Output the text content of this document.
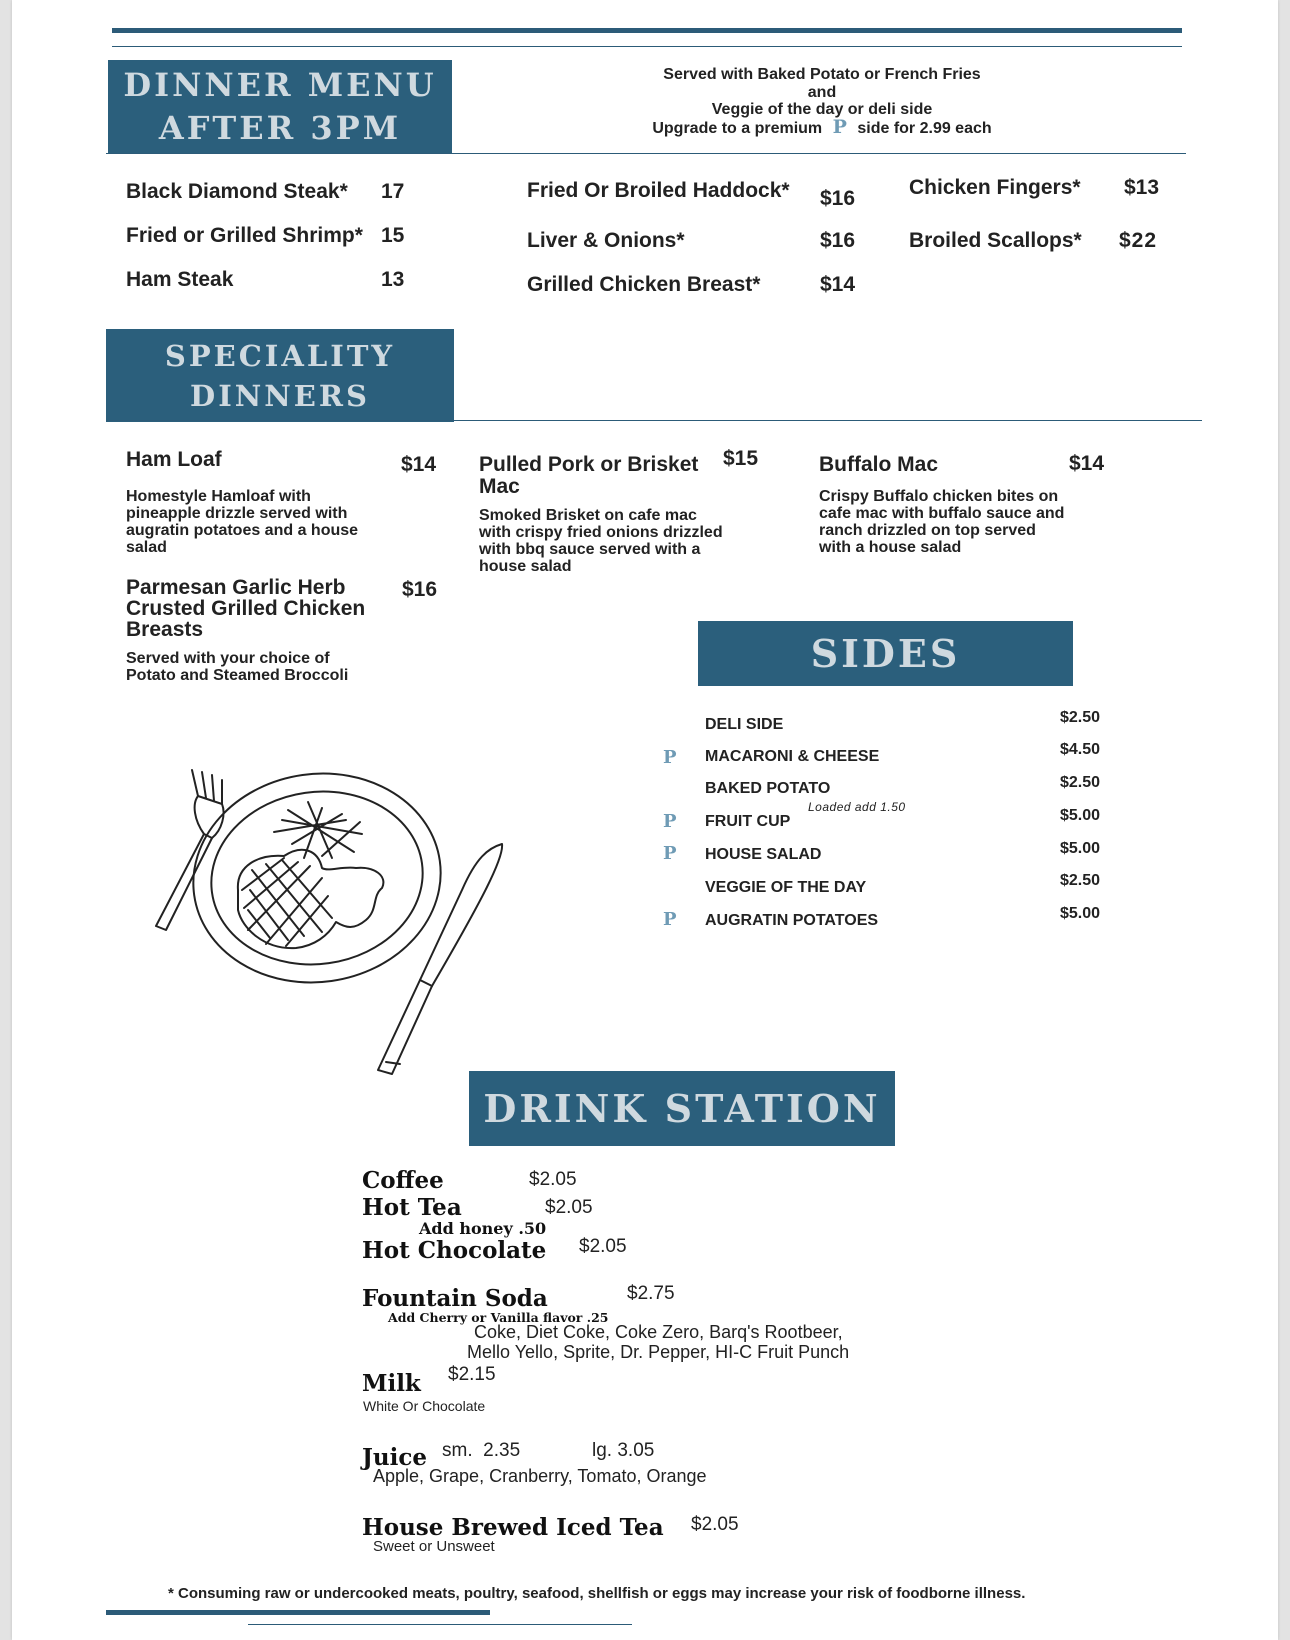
DINNER MENU
AFTER 3PM
Served with Baked Potato or French Fries
and
Veggie of the day or deli side
Upgrade to a premium P side for 2.99 each
Black Diamond Steak* 17
Fried or Grilled Shrimp* 15
Ham Steak	13
Fried Or Broiled Haddock* $16
Liver & Onions*	$16
Grilled Chicken Breast*	$14
Chicken Fingers* $13
Broiled Scallops* $22
SPECIALITY
DINNERS
Ham Loaf	$14
Homestyle Hamloaf with pineapple drizzle served with augratin potatoes and a house salad
Pulled Pork or Brisket Mac
$15
Smoked Brisket on cafe mac with crispy fried onions drizzled with bbq sauce served with a house salad
Buffalo Mac	$14
Crispy Buffalo chicken bites on cafe mac with buffalo sauce and ranch drizzled on top served with a house salad
Parmesan Garlic Herb Crusted Grilled Chicken Breasts
$16
Served with your choice of Potato and Steamed Broccoli	SIDES
DELI SIDE	$2.50
P MACARONI & CHEESE	$4.50
BAKED POTATO	$2.50
Loaded add 1.50
P FRUIT CUP	$5.00
P HOUSE SALAD	$5.00
VEGGIE OF THE DAY	$2.50
P AUGRATIN POTATOES	$5.00
DRINK STATION
Coffee	$2.05
Hot Tea	$2.05
Add honey .50
Hot Chocolate $2.05
Fountain Soda	$2.75
Add Cherry or Vanilla flavor .25
Coke, Diet Coke, Coke Zero, Barq's Rootbeer,
Mello Yello, Sprite, Dr. Pepper, HI-C Fruit Punch
Milk $2.15
White Or Chocolate
Juice sm.  2.35	lg. 3.05
Apple, Grape, Cranberry, Tomato, Orange
House Brewed Iced Tea $2.05
Sweet or Unsweet
* Consuming raw or undercooked meats, poultry, seafood, shellfish or eggs may increase your risk of foodborne illness.
